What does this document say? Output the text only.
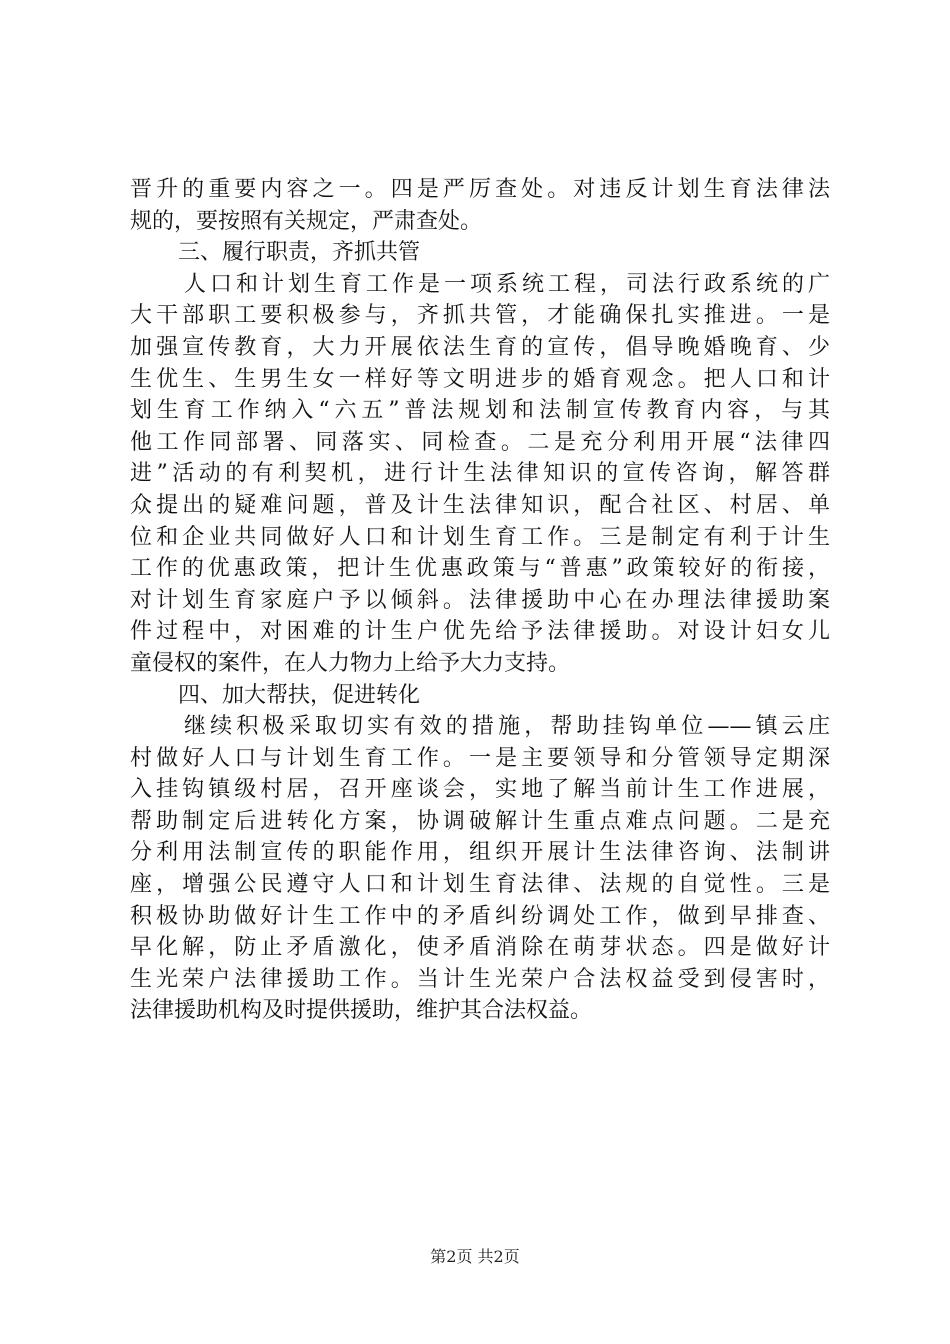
晋升的重要内容之一。四是严厉查处。对违反计划生育法律法
规的，要按照有关规定，严肃查处。
三、履行职责，齐抓共管
人口和计划生育工作是一项系统工程，司法行政系统的广
大干部职工要积极参与，齐抓共管，才能确保扎实推进。一是
加强宣传教育，大力开展依法生育的宣传，倡导晚婚晚育、少
生优生、生男生女一样好等文明进步的婚育观念。把人口和计
划生育工作纳入“六五”普法规划和法制宣传教育内容，与其
他工作同部署、同落实、同检查。二是充分利用开展“法律四
进”活动的有利契机，进行计生法律知识的宣传咨询，解答群
众提出的疑难问题，普及计生法律知识，配合社区、村居、单
位和企业共同做好人口和计划生育工作。三是制定有利于计生
工作的优惠政策，把计生优惠政策与“普惠”政策较好的衔接，
对计划生育家庭户予以倾斜。法律援助中心在办理法律援助案
件过程中，对困难的计生户优先给予法律援助。对设计妇女儿
童侵权的案件，在人力物力上给予大力支持。
四、加大帮扶，促进转化
继续积极采取切实有效的措施，帮助挂钩单位——镇云庄
村做好人口与计划生育工作。一是主要领导和分管领导定期深
入挂钩镇级村居，召开座谈会，实地了解当前计生工作进展，
帮助制定后进转化方案，协调破解计生重点难点问题。二是充
分利用法制宣传的职能作用，组织开展计生法律咨询、法制讲
座，增强公民遵守人口和计划生育法律、法规的自觉性。三是
积极协助做好计生工作中的矛盾纠纷调处工作，做到早排查、
早化解，防止矛盾激化，使矛盾消除在萌芽状态。四是做好计
生光荣户法律援助工作。当计生光荣户合法权益受到侵害时，
法律援助机构及时提供援助，维护其合法权益。
第2页 共2页
